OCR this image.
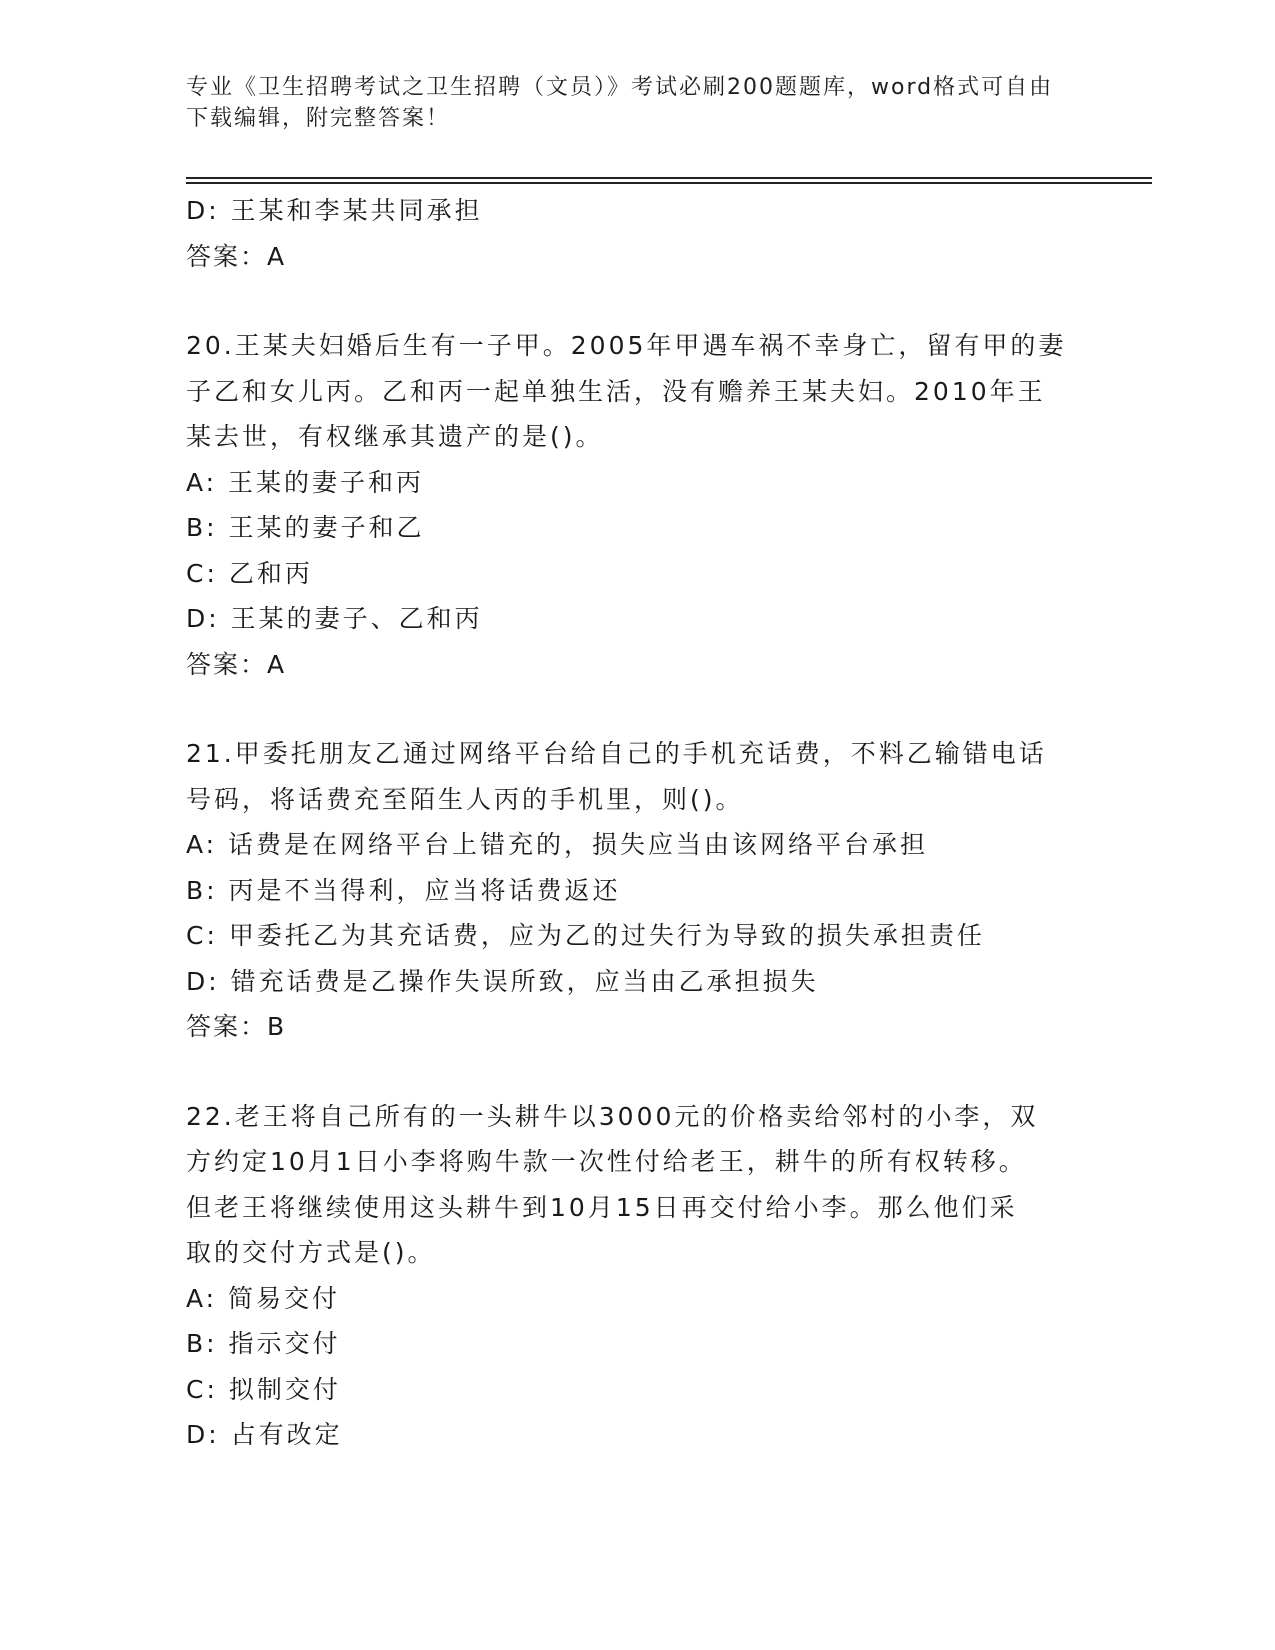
专业《卫生招聘考试之卫生招聘（文员）》考试必刷200题题库，word格式可自由下载编辑，附完整答案！
D: 王某和李某共同承担
答案：A
20.王某夫妇婚后生有一子甲。2005年甲遇车祸不幸身亡，留有甲的妻
子乙和女儿丙。乙和丙一起单独生活，没有赡养王某夫妇。2010年王
某去世，有权继承其遗产的是()。
A: 王某的妻子和丙
B: 王某的妻子和乙
C: 乙和丙
D: 王某的妻子、乙和丙
答案：A
21.甲委托朋友乙通过网络平台给自己的手机充话费，不料乙输错电话
号码，将话费充至陌生人丙的手机里，则()。
A: 话费是在网络平台上错充的，损失应当由该网络平台承担
B: 丙是不当得利，应当将话费返还
C: 甲委托乙为其充话费，应为乙的过失行为导致的损失承担责任
D: 错充话费是乙操作失误所致，应当由乙承担损失
答案：B
22.老王将自己所有的一头耕牛以3000元的价格卖给邻村的小李，双
方约定10月1日小李将购牛款一次性付给老王，耕牛的所有权转移。
但老王将继续使用这头耕牛到10月15日再交付给小李。那么他们采
取的交付方式是()。
A: 简易交付
B: 指示交付
C: 拟制交付
D: 占有改定
